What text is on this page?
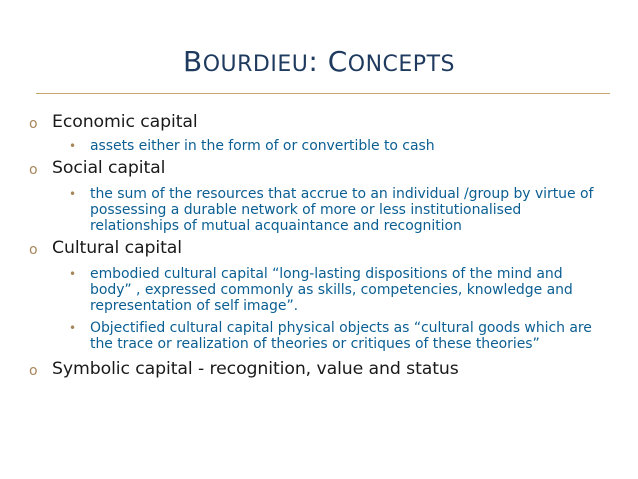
BOURDIEU: CONCEPTS
o Economic capital
• assets either in the form of or convertible to cash
o Social capital
• the sum of the resources that accrue to an individual /group by virtue of possessing a durable network of more or less institutionalised relationships of mutual acquaintance and recognition
o Cultural capital
• embodied cultural capital “long-lasting dispositions of the mind and body” , expressed commonly as skills, competencies, knowledge and representation of self image”.
• Objectified cultural capital physical objects as “cultural goods which are the trace or realization of theories or critiques of these theories”
o Symbolic capital - recognition, value and status
